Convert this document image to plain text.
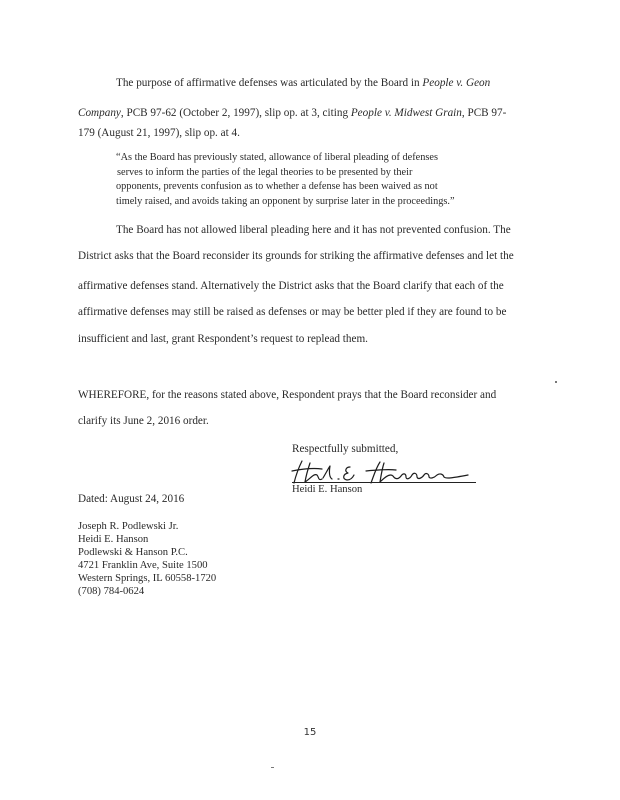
The purpose of affirmative defenses was articulated by the Board in People v. Geon
Company, PCB 97-62 (October 2, 1997), slip op. at 3, citing People v. Midwest Grain, PCB 97-
179 (August 21, 1997), slip op. at 4.
“As the Board has previously stated, allowance of liberal pleading of defenses
serves to inform the parties of the legal theories to be presented by their
opponents, prevents confusion as to whether a defense has been waived as not
timely raised, and avoids taking an opponent by surprise later in the proceedings.”
The Board has not allowed liberal pleading here and it has not prevented confusion. The
District asks that the Board reconsider its grounds for striking the affirmative defenses and let the
affirmative defenses stand. Alternatively the District asks that the Board clarify that each of the
affirmative defenses may still be raised as defenses or may be better pled if they are found to be
insufficient and last, grant Respondent’s request to replead them.
WHEREFORE, for the reasons stated above, Respondent prays that the Board reconsider and
clarify its June 2, 2016 order.
Respectfully submitted,
Heidi E. Hanson
Dated: August 24, 2016
Joseph R. Podlewski Jr.
Heidi E. Hanson
Podlewski & Hanson P.C.
4721 Franklin Ave, Suite 1500
Western Springs, IL 60558-1720
(708) 784-0624
15
